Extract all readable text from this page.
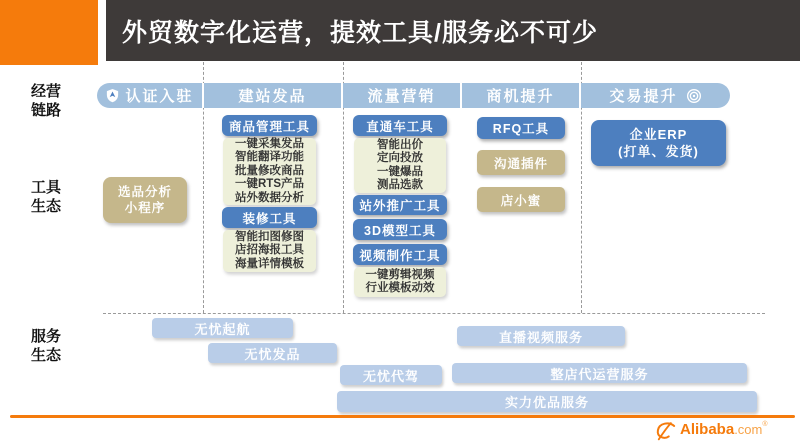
外贸数字化运营，提效工具/服务必不可少
经营
链路
工具
生态
服务
生态
认证入驻	建站发品	流量营销	商机提升	交易提升
选品分析
小程序
商品管理工具
一键采集发品
智能翻译功能
批量修改商品
一键RTS产品
站外数据分析
装修工具
智能扣图修图
店招海报工具
海量详情模板
直通车工具
智能出价
定向投放
一键爆品
测品选款
站外推广工具
3D模型工具
视频制作工具
一键剪辑视频
行业模板动效
RFQ工具
沟通插件
店小蜜
企业ERP
(打单、发货)
无忧起航
直播视频服务
无忧发品
无忧代驾	整店代运营服务
实力优品服务
Alibaba .com ®
